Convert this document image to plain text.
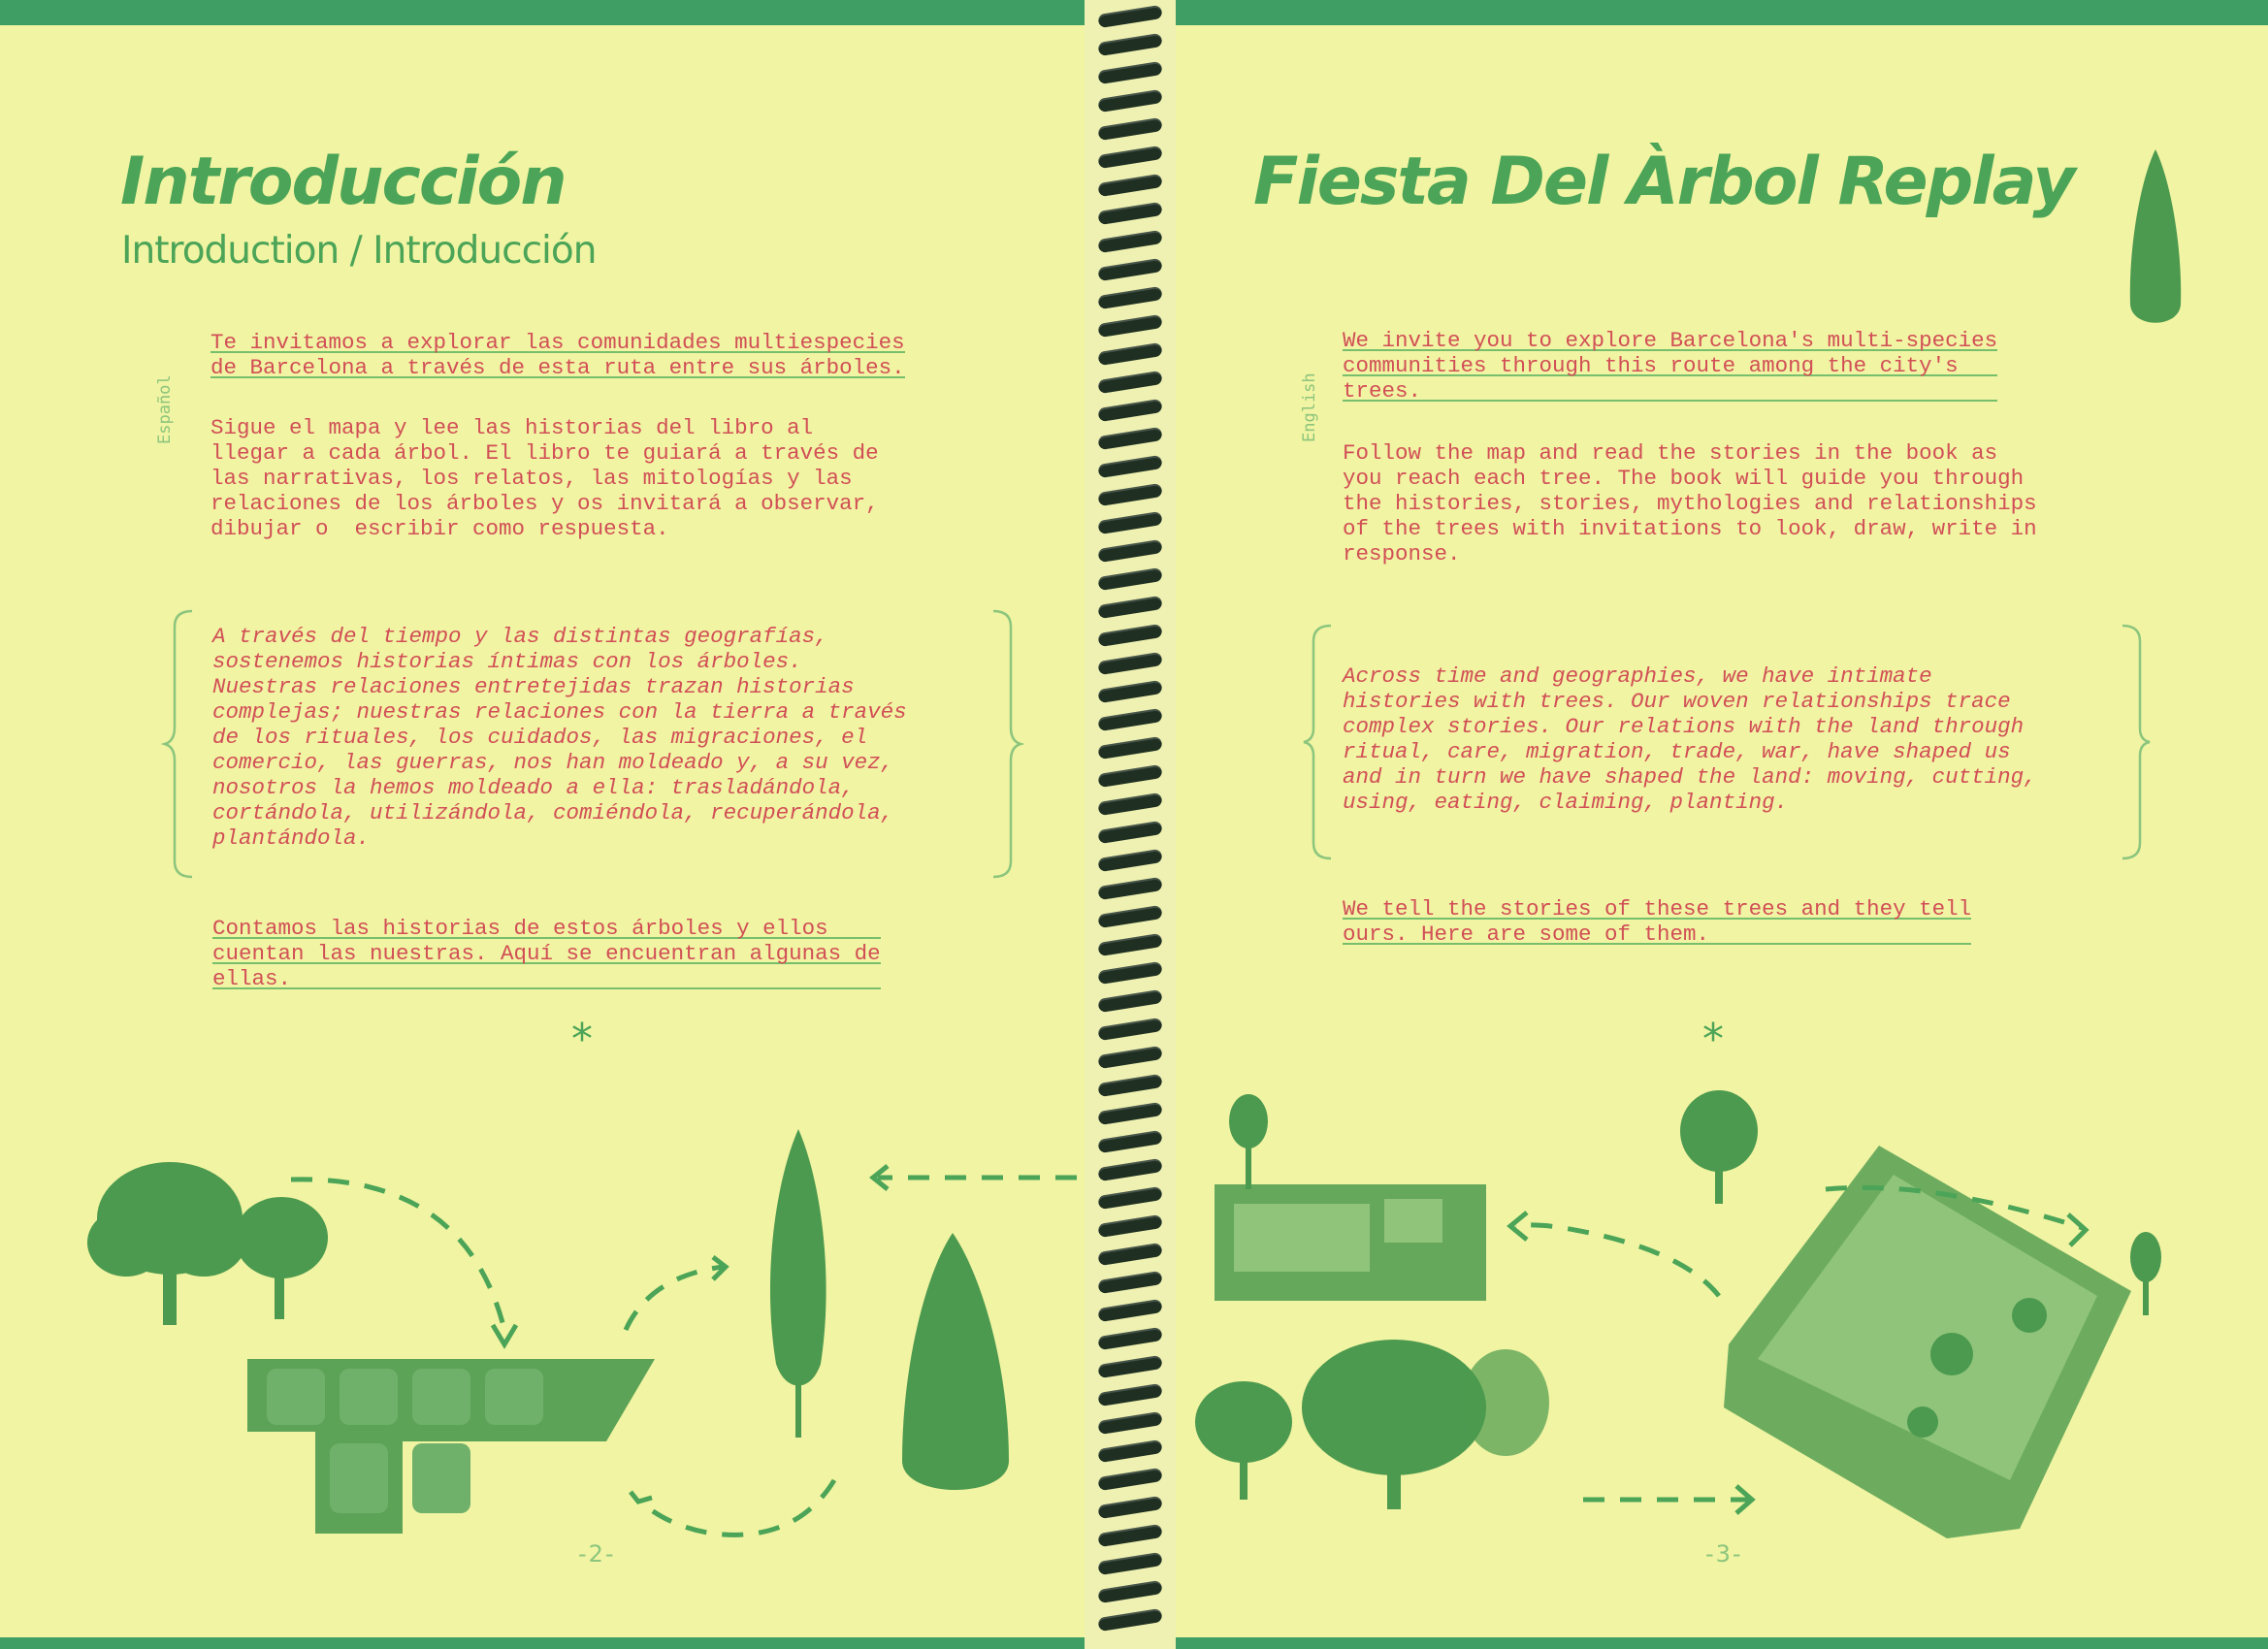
Introducción
Introduction / Introducción
Español

Te invitamos a explorar las comunidades multiespecies
de Barcelona a través de esta ruta entre sus árboles.

Sigue el mapa y lee las historias del libro al
llegar a cada árbol. El libro te guiará a través de
las narrativas, los relatos, las mitologías y las
relaciones de los árboles y os invitará a observar,
dibujar o  escribir como respuesta.

A través del tiempo y las distintas geografías,
sostenemos historias íntimas con los árboles.
Nuestras relaciones entretejidas trazan historias
complejas; nuestras relaciones con la tierra a través
de los rituales, los cuidados, las migraciones, el
comercio, las guerras, nos han moldeado y, a su vez,
nosotros la hemos moldeado a ella: trasladándola,
cortándola, utilizándola, comiéndola, recuperándola,
plantándola.

Contamos las historias de estos árboles y ellos
cuentan las nuestras. Aquí se encuentran algunas de
ellas.

*
-2-
Fiesta Del Àrbol Replay
English

We invite you to explore Barcelona's multi-species
communities through this route among the city's
trees.

Follow the map and read the stories in the book as
you reach each tree. The book will guide you through
the histories, stories, mythologies and relationships
of the trees with invitations to look, draw, write in
response.

Across time and geographies, we have intimate
histories with trees. Our woven relationships trace
complex stories. Our relations with the land through
ritual, care, migration, trade, war, have shaped us
and in turn we have shaped the land: moving, cutting,
using, eating, claiming, planting.

We tell the stories of these trees and they tell
ours. Here are some of them.

*
-3-
